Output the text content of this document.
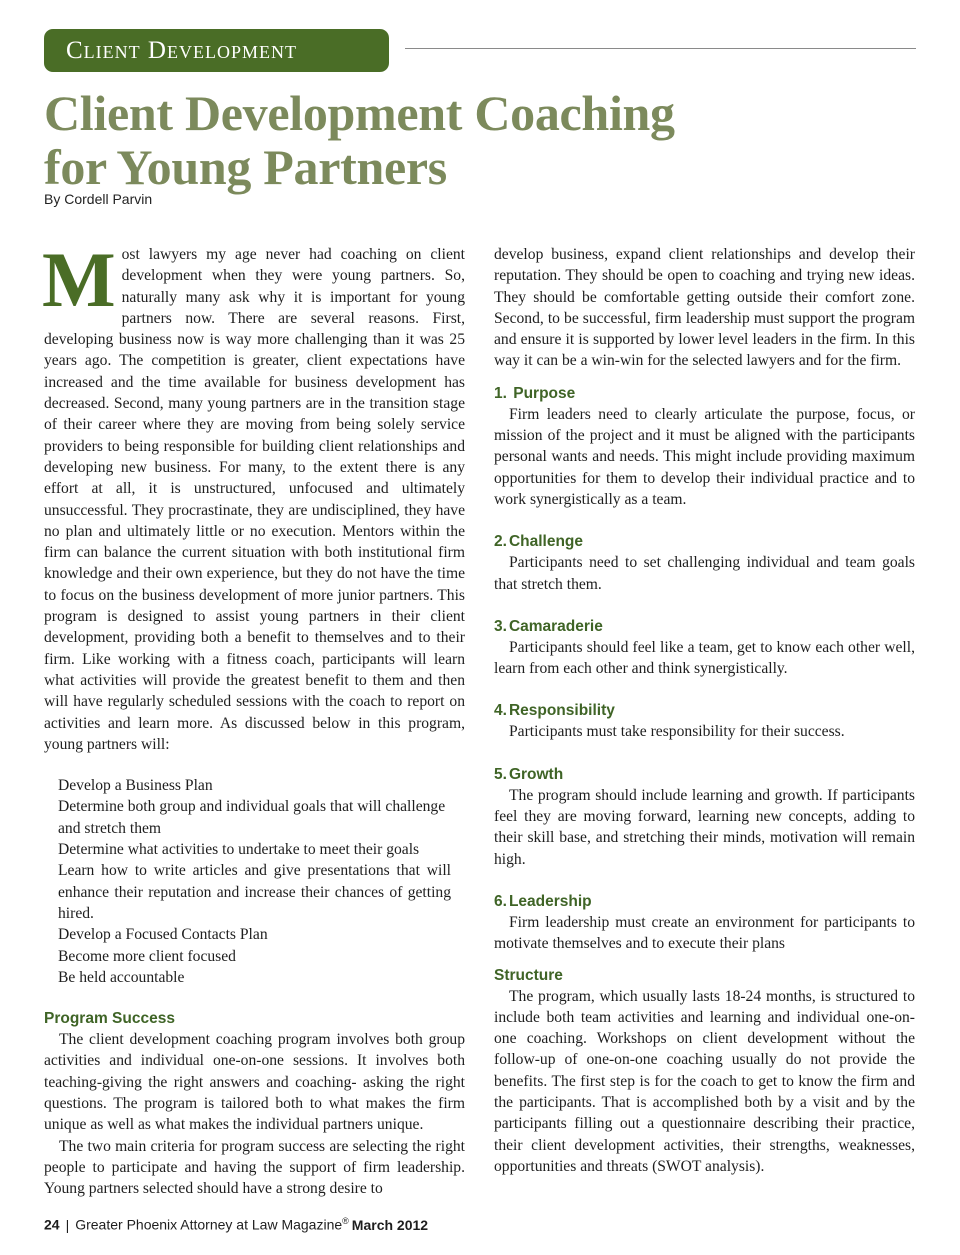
Client Development
Client Development Coaching
for Young Partners
By Cordell Parvin

Most lawyers my age never had coaching on client development when they were young partners. So, naturally many ask why it is important for young partners now. There are several reasons. First, developing business now is way more challenging than it was 25 years ago. The competition is greater, client expectations have increased and the time available for business development has decreased. Second, many young partners are in the transition stage of their career where they are moving from being solely service providers to being responsible for building client relationships and developing new business. For many, to the extent there is any effort at all, it is unstructured, unfocused and ultimately unsuccessful. They procrastinate, they are undisciplined, they have no plan and ultimately little or no execution. Mentors within the firm can balance the current situation with both institutional firm knowledge and their own experience, but they do not have the time to focus on the business development of more junior partners. This program is designed to assist young partners in their client development, providing both a benefit to themselves and to their firm. Like working with a fitness coach, participants will learn what activities will provide the greatest benefit to them and then will have regularly scheduled sessions with the coach to report on activities and learn more. As discussed below in this program, young partners will:

Develop a Business Plan
Determine both group and individual goals that will challenge and stretch them
Determine what activities to undertake to meet their goals
Learn how to write articles and give presentations that will enhance their reputation and increase their chances of getting hired.
Develop a Focused Contacts Plan
Become more client focused
Be held accountable
Program Success

The client development coaching program involves both group activities and individual one-on-one sessions. It involves both teaching-giving the right answers and coaching- asking the right questions. The program is tailored both to what makes the firm unique as well as what makes the individual partners unique.

The two main criteria for program success are selecting the right people to participate and having the support of firm leadership. Young partners selected should have a strong desire to

develop business, expand client relationships and develop their reputation. They should be open to coaching and trying new ideas. They should be comfortable getting outside their comfort zone. Second, to be successful, firm leadership must support the program and ensure it is supported by lower level leaders in the firm. In this way it can be a win-win for the selected lawyers and for the firm.

1. Purpose

Firm leaders need to clearly articulate the purpose, focus, or mission of the project and it must be aligned with the participants personal wants and needs. This might include providing maximum opportunities for them to develop their individual practice and to work synergistically as a team.

2. Challenge

Participants need to set challenging individual and team goals that stretch them.

3. Camaraderie

Participants should feel like a team, get to know each other well, learn from each other and think synergistically.

4. Responsibility

Participants must take responsibility for their success.

5. Growth

The program should include learning and growth. If participants feel they are moving forward, learning new concepts, adding to their skill base, and stretching their minds, motivation will remain high.

6. Leadership

Firm leadership must create an environment for participants to motivate themselves and to execute their plans

Structure

The program, which usually lasts 18-24 months, is structured to include both team activities and learning and individual one-on-one coaching. Workshops on client development without the follow-up of one-on-one coaching usually do not provide the benefits. The first step is for the coach to get to know the firm and the participants. That is accomplished both by a visit and by the participants filling out a questionnaire describing their practice, their client development activities, their strengths, weaknesses, opportunities and threats (SWOT analysis).

24 | Greater Phoenix Attorney at Law Magazine® March 2012
